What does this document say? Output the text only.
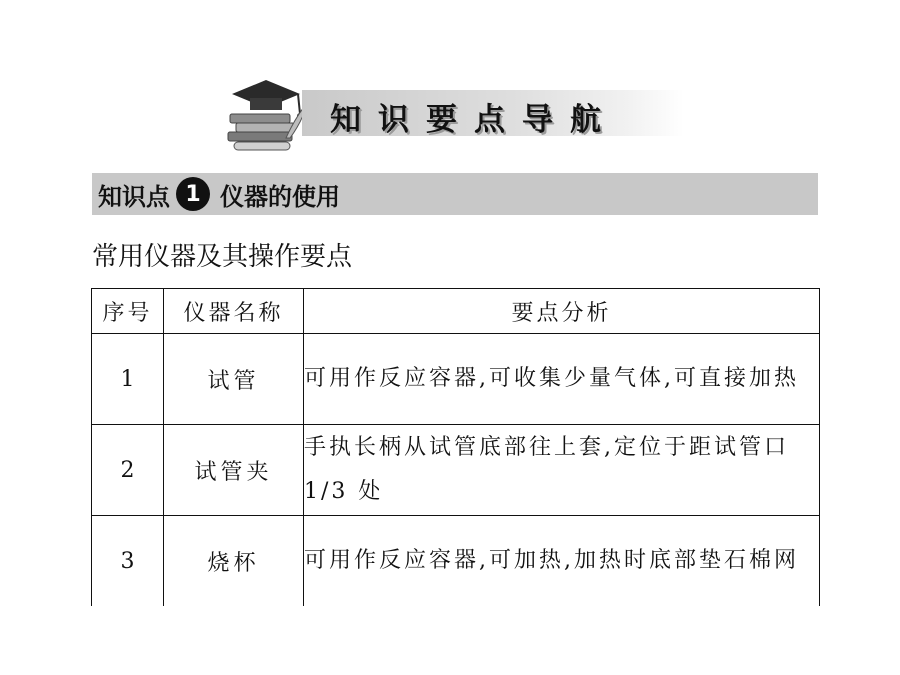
知识要点导航
知识点 1 仪器的使用
常用仪器及其操作要点
序号	仪器名称	要点分析
1	试管	可用作反应容器,可收集少量气体,可直接加热
2	试管夹	手执长柄从试管底部往上套,定位于距试管口 1/3 处
3	烧杯	可用作反应容器,可加热,加热时底部垫石棉网
